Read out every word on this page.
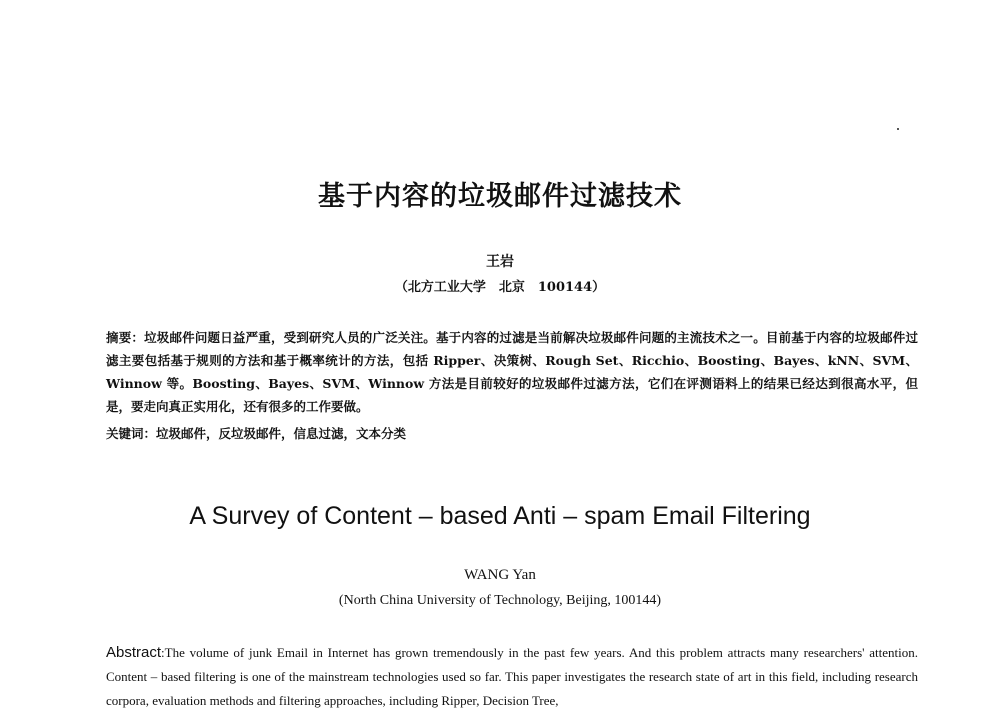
基于内容的垃圾邮件过滤技术
王岩
（北方工业大学　北京　100144）
摘要：垃圾邮件问题日益严重，受到研究人员的广泛关注。基于内容的过滤是当前解决垃圾邮件问题的主流技术之一。目前基于内容的垃圾邮件过滤主要包括基于规则的方法和基于概率统计的方法，包括 Ripper、决策树、Rough Set、Ricchio、Boosting、Bayes、kNN、SVM、Winnow 等。Boosting、Bayes、SVM、Winnow 方法是目前较好的垃圾邮件过滤方法，它们在评测语料上的结果已经达到很高水平，但是，要走向真正实用化，还有很多的工作要做。
关键词：垃圾邮件，反垃圾邮件，信息过滤，文本分类
A Survey of Content – based Anti – spam Email Filtering
WANG Yan
(North China University of Technology, Beijing, 100144)
Abstract:The volume of junk Email in Internet has grown tremendously in the past few years. And this problem attracts many researchers' attention. Content – based filtering is one of the mainstream technologies used so far. This paper investigates the research state of art in this field, including research corpora, evaluation methods and filtering approaches, including Ripper, Decision Tree,
